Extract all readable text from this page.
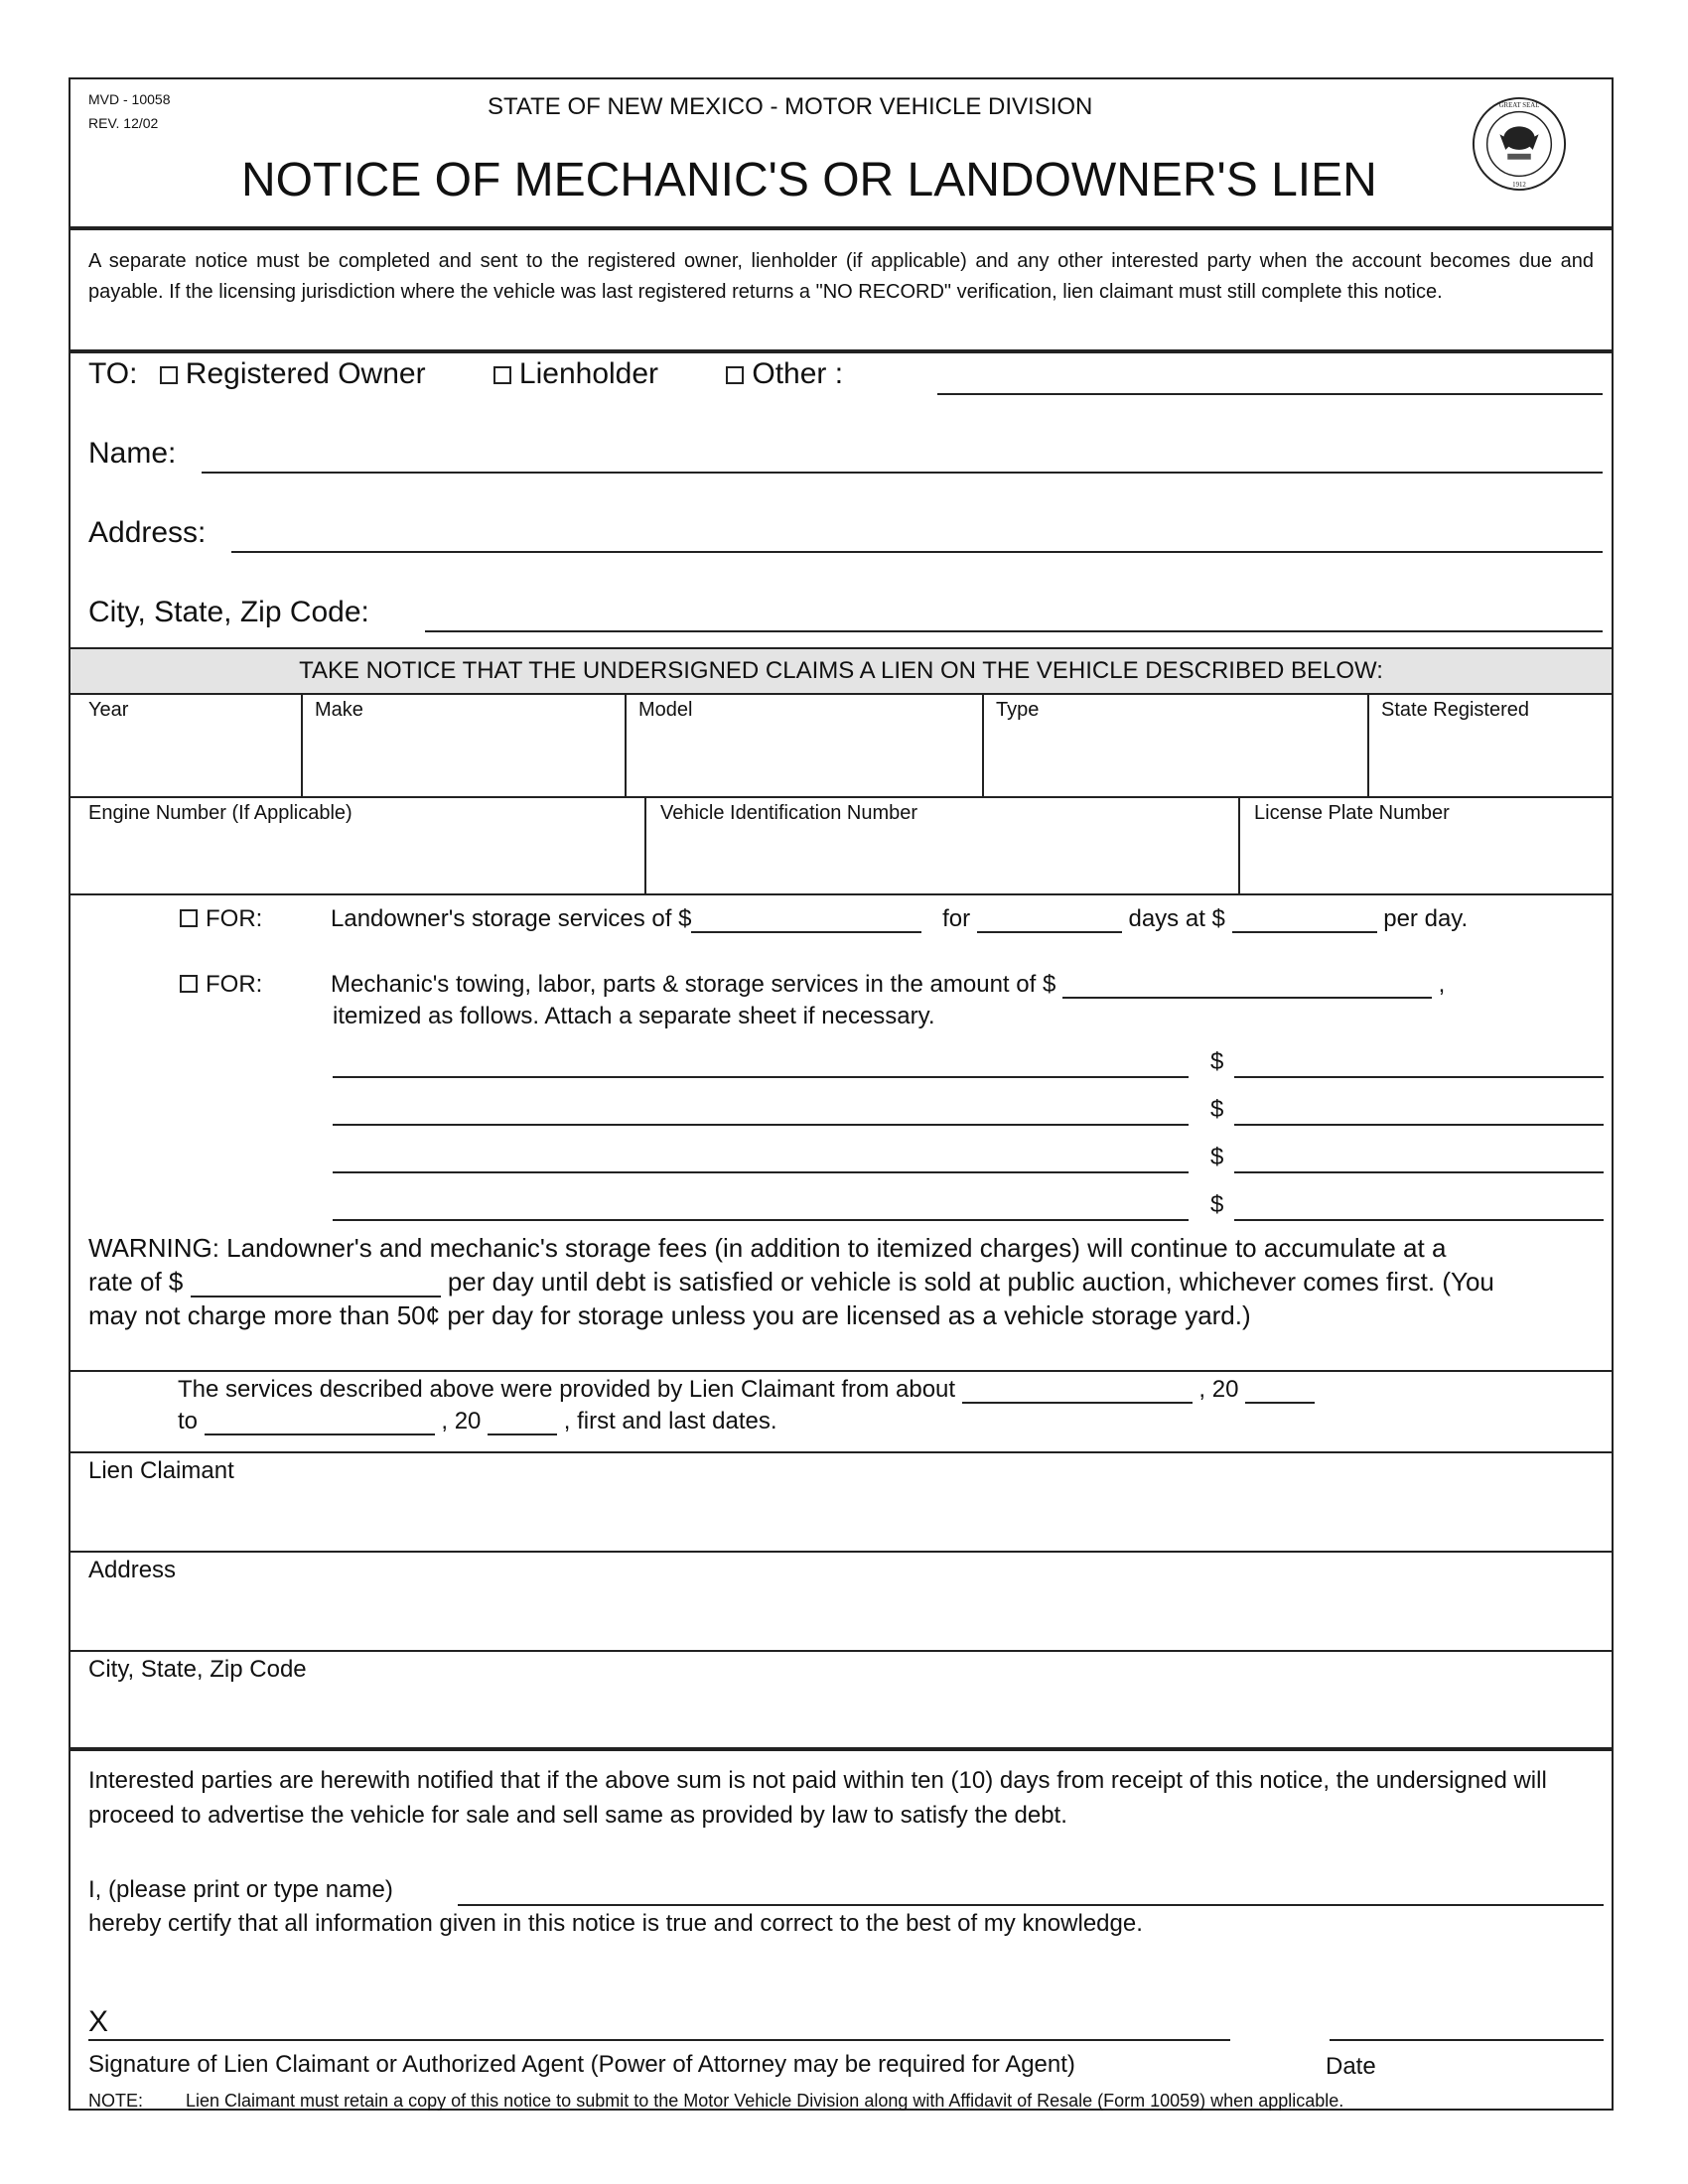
MVD - 10058
REV. 12/02
STATE OF NEW MEXICO - MOTOR VEHICLE DIVISION
NOTICE OF MECHANIC'S OR LANDOWNER'S LIEN
GREAT SEAL
1912
A separate notice must be completed and sent to the registered owner, lienholder (if applicable) and any other interested party when the account becomes due and payable. If the licensing jurisdiction where the vehicle was last registered returns a "NO RECORD" verification, lien claimant must still complete this notice.
TO: Registered Owner	Lienholder	Other :
Name:
Address:
City, State, Zip Code:
TAKE NOTICE THAT THE UNDERSIGNED CLAIMS A LIEN ON THE VEHICLE DESCRIBED BELOW:
Year	Make	Model	Type	State Registered
Engine Number (If Applicable)	Vehicle Identification Number	License Plate Number
FOR:	Landowner's storage services of $	for	days at $	per day.
FOR:	Mechanic's towing, labor, parts & storage services in the amount of $	,
itemized as follows. Attach a separate sheet if necessary.
$
$
$
$
WARNING: Landowner's and mechanic's storage fees (in addition to itemized charges) will continue to accumulate at a
rate of $	per day until debt is satisfied or vehicle is sold at public auction, whichever comes first. (You
may not charge more than 50¢ per day for storage unless you are licensed as a vehicle storage yard.)
The services described above were provided by Lien Claimant from about	, 20
to	, 20	, first and last dates.
Lien Claimant
Address
City, State, Zip Code
Interested parties are herewith notified that if the above sum is not paid within ten (10) days from receipt of this notice, the undersigned will proceed to advertise the vehicle for sale and sell same as provided by law to satisfy the debt.
I, (please print or type name)
hereby certify that all information given in this notice is true and correct to the best of my knowledge.
X
Signature of Lien Claimant or Authorized Agent (Power of Attorney may be required for Agent)	Date
NOTE: Lien Claimant must retain a copy of this notice to submit to the Motor Vehicle Division along with Affidavit of Resale (Form 10059) when applicable.
